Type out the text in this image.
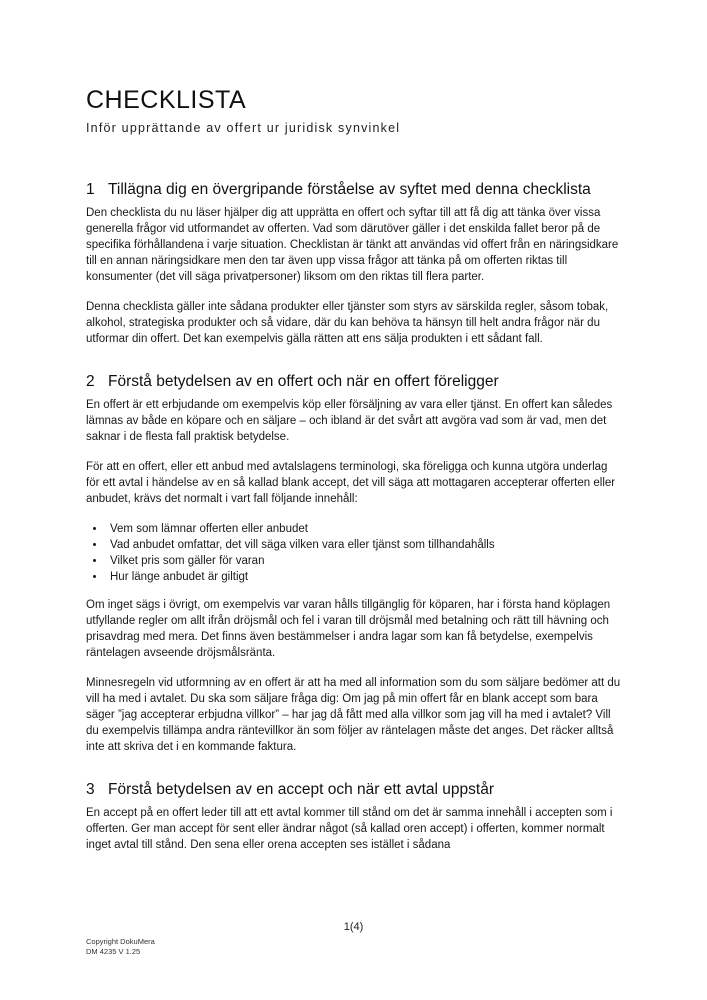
CHECKLISTA
Inför upprättande av offert ur juridisk synvinkel
1 Tillägna dig en övergripande förståelse av syftet med denna checklista

Den checklista du nu läser hjälper dig att upprätta en offert och syftar till att få dig att tänka över vissa generella frågor vid utformandet av offerten. Vad som därutöver gäller i det enskilda fallet beror på de specifika förhållandena i varje situation. Checklistan är tänkt att användas vid offert från en näringsidkare till en annan näringsidkare men den tar även upp vissa frågor att tänka på om offerten riktas till konsumenter (det vill säga privatpersoner) liksom om den riktas till flera parter.

Denna checklista gäller inte sådana produkter eller tjänster som styrs av särskilda regler, såsom tobak, alkohol, strategiska produkter och så vidare, där du kan behöva ta hänsyn till helt andra frågor när du utformar din offert. Det kan exempelvis gälla rätten att ens sälja produkten i ett sådant fall.

2 Förstå betydelsen av en offert och när en offert föreligger

En offert är ett erbjudande om exempelvis köp eller försäljning av vara eller tjänst. En offert kan således lämnas av både en köpare och en säljare – och ibland är det svårt att avgöra vad som är vad, men det saknar i de flesta fall praktisk betydelse.

För att en offert, eller ett anbud med avtalslagens terminologi, ska föreligga och kunna utgöra underlag för ett avtal i händelse av en så kallad blank accept, det vill säga att mottagaren accepterar offerten eller anbudet, krävs det normalt i vart fall följande innehåll:

• Vem som lämnar offerten eller anbudet
• Vad anbudet omfattar, det vill säga vilken vara eller tjänst som tillhandahålls
• Vilket pris som gäller för varan
• Hur länge anbudet är giltigt

Om inget sägs i övrigt, om exempelvis var varan hålls tillgänglig för köparen, har i första hand köplagen utfyllande regler om allt ifrån dröjsmål och fel i varan till dröjsmål med betalning och rätt till hävning och prisavdrag med mera. Det finns även bestämmelser i andra lagar som kan få betydelse, exempelvis räntelagen avseende dröjsmålsränta.

Minnesregeln vid utformning av en offert är att ha med all information som du som säljare bedömer att du vill ha med i avtalet. Du ska som säljare fråga dig: Om jag på min offert får en blank accept som bara säger ”jag accepterar erbjudna villkor” – har jag då fått med alla villkor som jag vill ha med i avtalet? Vill du exempelvis tillämpa andra räntevillkor än som följer av räntelagen måste det anges. Det räcker alltså inte att skriva det i en kommande faktura.

3 Förstå betydelsen av en accept och när ett avtal uppstår

En accept på en offert leder till att ett avtal kommer till stånd om det är samma innehåll i accepten som i offerten. Ger man accept för sent eller ändrar något (så kallad oren accept) i offerten, kommer normalt inget avtal till stånd. Den sena eller orena accepten ses istället i sådana

1(4)
Copyright DokuMera
DM 4235 V 1.25
